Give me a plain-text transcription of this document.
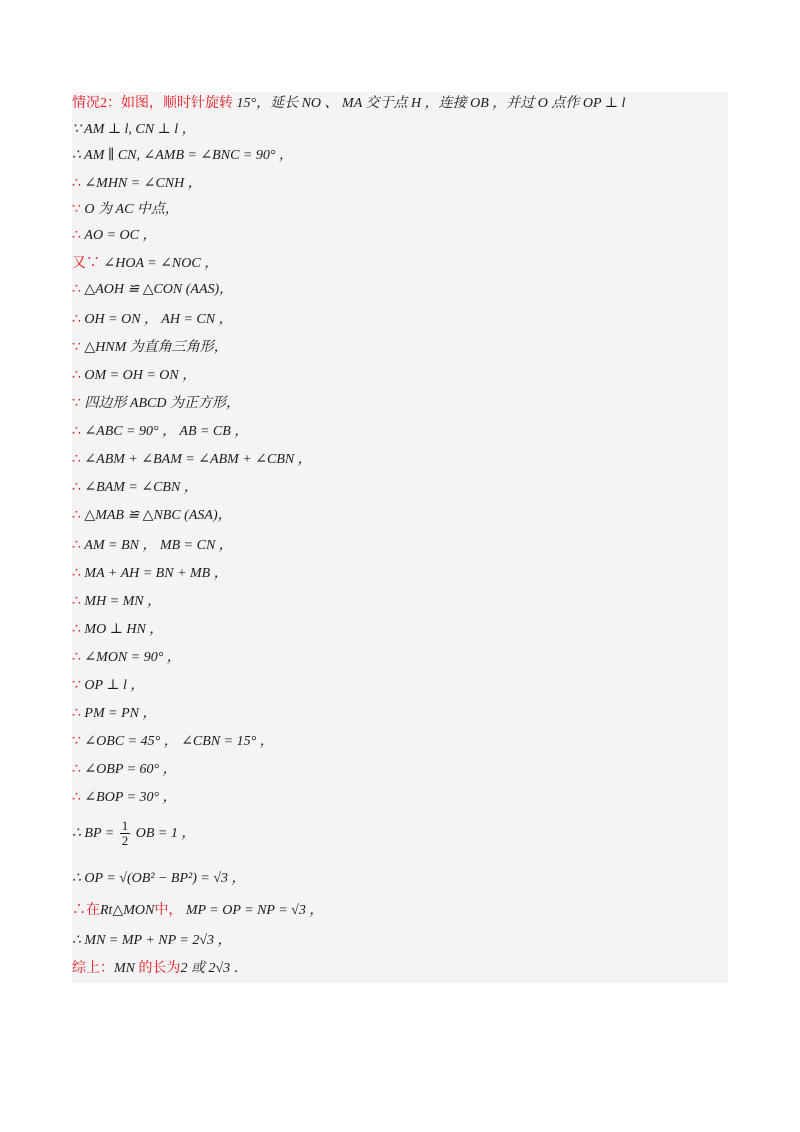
情况2：如图，顺时针旋转 15°，延长 NO 、 MA 交于点 H ，连接 OB ，并过 O 点作 OP ⊥ l
∵ AM ⊥ l, CN ⊥ l ，
∴ AM ∥ CN, ∠AMB = ∠BNC = 90° ，
∴ ∠MHN = ∠CNH ，
∵ O 为 AC 中点，
∴ AO = OC ，
又∵ ∠HOA = ∠NOC ，
∴ △AOH ≌ △CON (AAS)，
∴ OH = ON ， AH = CN ，
∵ △HNM 为直角三角形，
∴ OM = OH = ON ，
∵ 四边形 ABCD 为正方形，
∴ ∠ABC = 90° ， AB = CB ，
∴ ∠ABM + ∠BAM = ∠ABM + ∠CBN ，
∴ ∠BAM = ∠CBN ，
∴ △MAB ≌ △NBC (ASA)，
∴ AM = BN ， MB = CN ，
∴ MA + AH = BN + MB ，
∴ MH = MN ，
∴ MO ⊥ HN ，
∴ ∠MON = 90° ，
∵ OP ⊥ l ，
∴ PM = PN ，
∵ ∠OBC = 45° ， ∠CBN = 15° ，
∴ ∠OBP = 60° ，
∴ ∠BOP = 30° ，
∴ BP = $\frac{1}{2}$ OB = 1 ，
∴ OP = √(OB² − BP²) = √3 ，
∴在Rt△MON中， MP = OP = NP = √3 ，
∴ MN = MP + NP = 2√3 ，
综上：MN 的长为2 或 2√3 ．
